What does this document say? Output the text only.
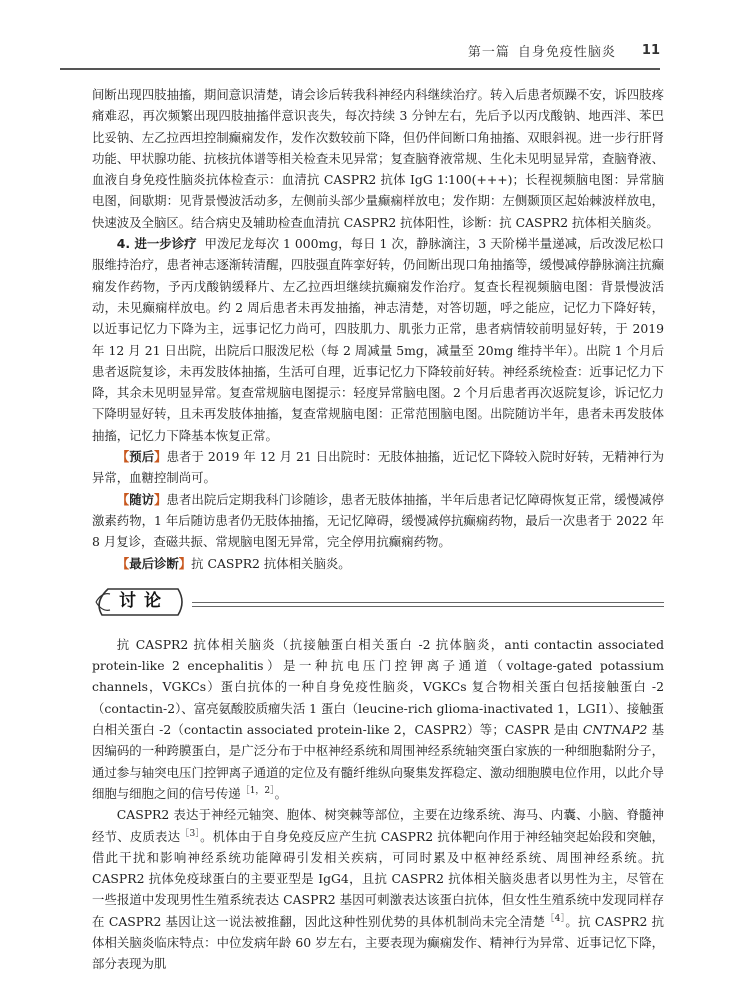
第一篇 自身免疫性脑炎 11

间断出现四肢抽搐，期间意识清楚，请会诊后转我科神经内科继续治疗。转入后患者烦躁不安，诉四肢疼痛难忍，再次频繁出现四肢抽搐伴意识丧失，每次持续 3 分钟左右，先后予以丙戊酸钠、地西泮、苯巴比妥钠、左乙拉西坦控制癫痫发作，发作次数较前下降，但仍伴间断口角抽搐、双眼斜视。进一步行肝肾功能、甲状腺功能、抗核抗体谱等相关检查未见异常；复查脑脊液常规、生化未见明显异常，查脑脊液、血液自身免疫性脑炎抗体检查示：血清抗 CASPR2 抗体 IgG 1∶100(+++)；长程视频脑电图：异常脑电图，间歇期：见背景慢波活动多，左侧前头部少量癫痫样放电；发作期：左侧颞顶区起始棘波样放电，快速波及全脑区。结合病史及辅助检查血清抗 CASPR2 抗体阳性，诊断：抗 CASPR2 抗体相关脑炎。

4. 进一步诊疗 甲泼尼龙每次 1 000mg，每日 1 次，静脉滴注，3 天阶梯半量递减，后改泼尼松口服维持治疗，患者神志逐渐转清醒，四肢强直阵挛好转，仍间断出现口角抽搐等，缓慢减停静脉滴注抗癫痫发作药物，予丙戊酸钠缓释片、左乙拉西坦继续抗癫痫发作治疗。复查长程视频脑电图：背景慢波活动，未见癫痫样放电。约 2 周后患者未再发抽搐，神志清楚，对答切题，呼之能应，记忆力下降好转，以近事记忆力下降为主，远事记忆力尚可，四肢肌力、肌张力正常，患者病情较前明显好转，于 2019 年 12 月 21 日出院，出院后口服泼尼松（每 2 周减量 5mg，减量至 20mg 维持半年）。出院 1 个月后患者返院复诊，未再发肢体抽搐，生活可自理，近事记忆力下降较前好转。神经系统检查：近事记忆力下降，其余未见明显异常。复查常规脑电图提示：轻度异常脑电图。2 个月后患者再次返院复诊，诉记忆力下降明显好转，且未再发肢体抽搐，复查常规脑电图：正常范围脑电图。出院随访半年，患者未再发肢体抽搐，记忆力下降基本恢复正常。

【预后】患者于 2019 年 12 月 21 日出院时：无肢体抽搐，近记忆下降较入院时好转，无精神行为异常，血糖控制尚可。

【随访】患者出院后定期我科门诊随诊，患者无肢体抽搐，半年后患者记忆障碍恢复正常，缓慢减停激素药物，1 年后随访患者仍无肢体抽搐，无记忆障碍，缓慢减停抗癫痫药物，最后一次患者于 2022 年 8 月复诊，查磁共振、常规脑电图无异常，完全停用抗癫痫药物。

【最后诊断】抗 CASPR2 抗体相关脑炎。

讨论

抗 CASPR2 抗体相关脑炎（抗接触蛋白相关蛋白 -2 抗体脑炎，anti contactin associated protein-like 2 encephalitis）是一种抗电压门控钾离子通道（voltage-gated potassium channels，VGKCs）蛋白抗体的一种自身免疫性脑炎，VGKCs 复合物相关蛋白包括接触蛋白 -2（contactin-2）、富亮氨酸胶质瘤失活 1 蛋白（leucine-rich glioma-inactivated 1，LGI1）、接触蛋白相关蛋白 -2（contactin associated protein-like 2，CASPR2）等；CASPR 是由 CNTNAP2 基因编码的一种跨膜蛋白，是广泛分布于中枢神经系统和周围神经系统轴突蛋白家族的一种细胞黏附分子，通过参与轴突电压门控钾离子通道的定位及有髓纤维纵向聚集发挥稳定、激动细胞膜电位作用，以此介导细胞与细胞之间的信号传递$^{[1,2]}$。

CASPR2 表达于神经元轴突、胞体、树突棘等部位，主要在边缘系统、海马、内囊、小脑、脊髓神经节、皮质表达$^{[3]}$。机体由于自身免疫反应产生抗 CASPR2 抗体靶向作用于神经轴突起始段和突触，借此干扰和影响神经系统功能障碍引发相关疾病，可同时累及中枢神经系统、周围神经系统。抗 CASPR2 抗体免疫球蛋白的主要亚型是 IgG4，且抗 CASPR2 抗体相关脑炎患者以男性为主，尽管在一些报道中发现男性生殖系统表达 CASPR2 基因可刺激表达该蛋白抗体，但女性生殖系统中发现同样存在 CASPR2 基因让这一说法被推翻，因此这种性别优势的具体机制尚未完全清楚$^{[4]}$。抗 CASPR2 抗体相关脑炎临床特点：中位发病年龄 60 岁左右，主要表现为癫痫发作、精神行为异常、近事记忆下降，部分表现为肌
